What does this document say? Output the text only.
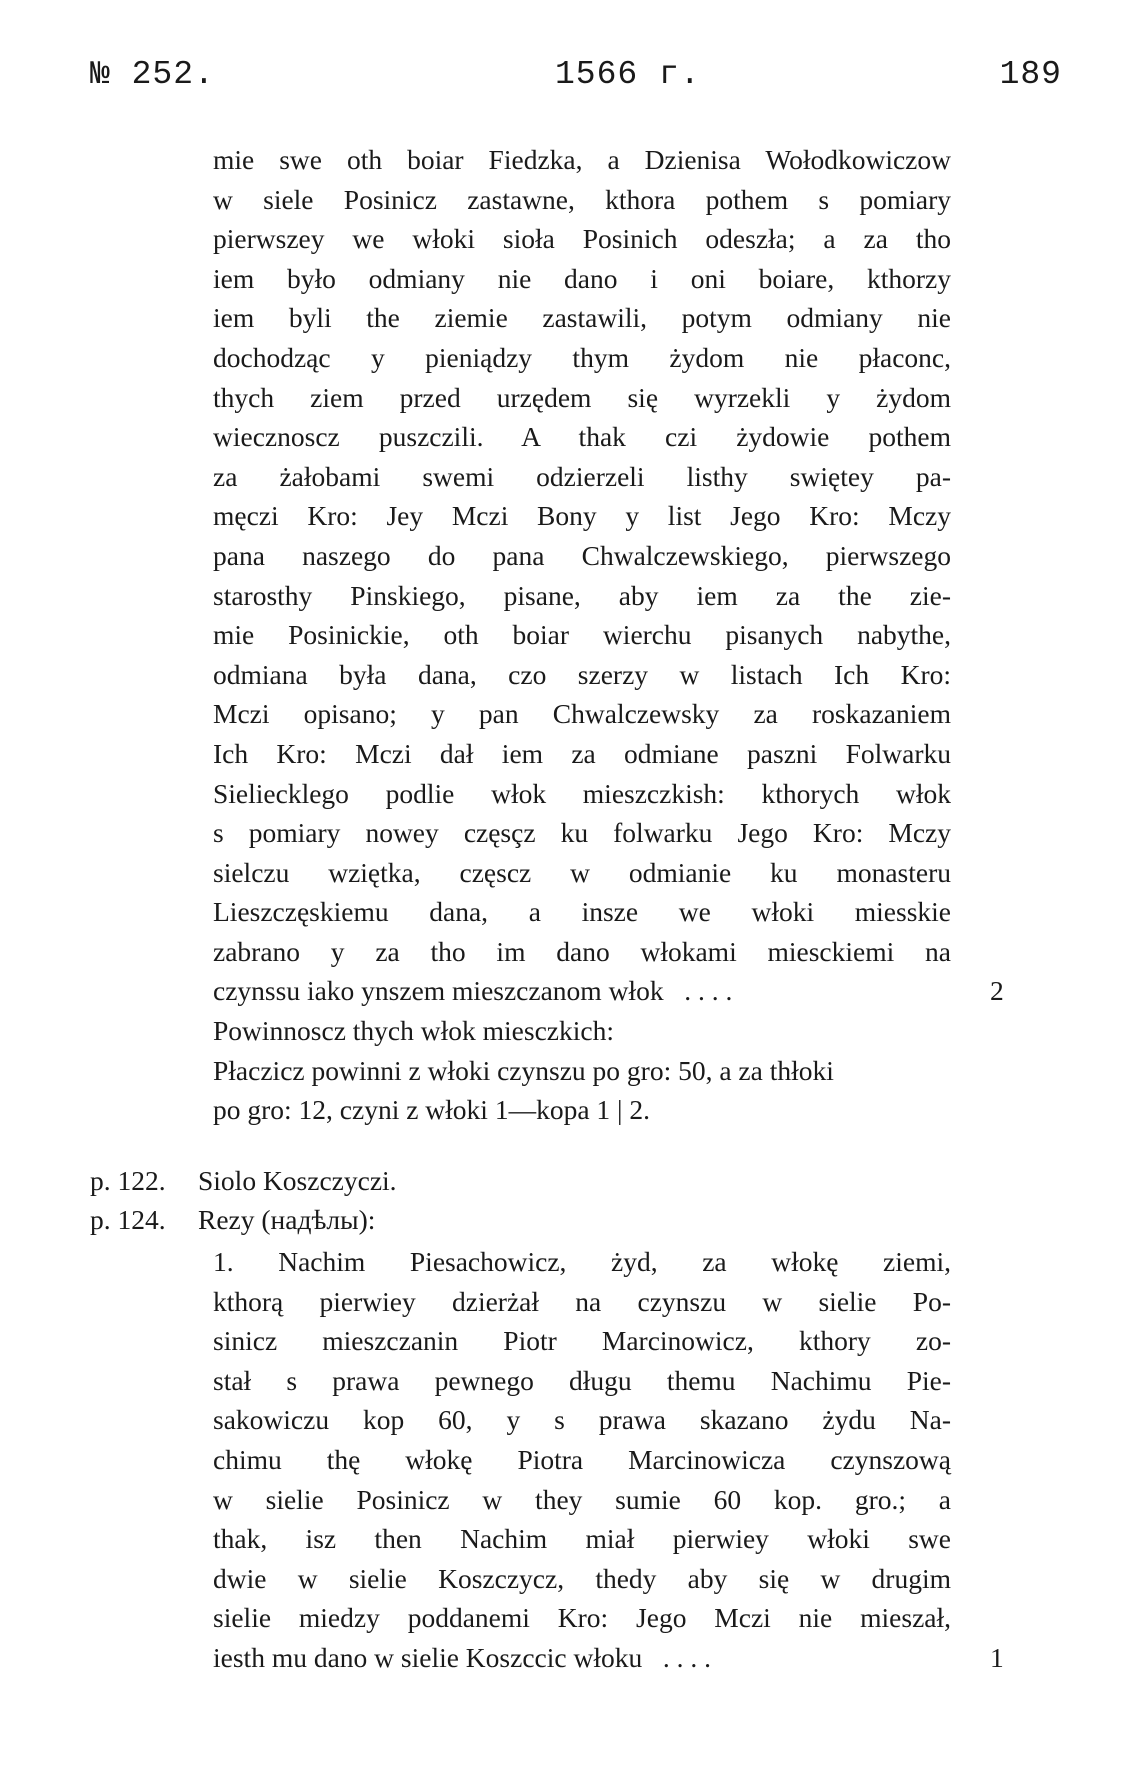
№ 252.	1566 г.	189
mie swe oth boiar Fiedzka, a Dzienisa Wołodkowiczow
w siele Posinicz zastawne, kthora pothem s pomiary
pierwszey we włoki sioła Posinich odeszła; a za tho
iem było odmiany nie dano i oni boiare, kthorzy
iem byli the ziemie zastawili, potym odmiany nie
dochodząc y pieniądzy thym żydom nie płaconc,
thych ziem przed urzędem się wyrzekli y żydom
wiecznoscz puszczili. A thak czi żydowie pothem
za żałobami swemi odzierzeli listhy swiętey pa-
męczi Kro: Jey Mczi Bony y list Jego Kro: Mczy
pana naszego do pana Chwalczewskiego, pierwszego
starosthy Pinskiego, pisane, aby iem za the zie-
mie Posinickie, oth boiar wierchu pisanych nabythe,
odmiana była dana, czo szerzy w listach Ich Kro:
Mczi opisano; y pan Chwalczewsky za roskazaniem
Ich Kro: Mczi dał iem za odmiane paszni Folwarku
Sieliecklego podlie włok mieszczkish: kthorych włok
s pomiary nowey częsçz ku folwarku Jego Kro: Mczy
sielczu wziętka, częscz w odmianie ku monasteru
Lieszczęskiemu dana, a insze we włoki miesskie
zabrano y za tho im dano włokami miesckiemi na
czynssu iako ynszem mieszczanom włok . . . .	2
Powinnoscz thych włok miesczkich:
Płaczicz powinni z włoki czynszu po gro: 50, a za thłoki
po gro: 12, czyni z włoki 1—kopa 1 | 2.
p. 122. Siolo Koszczyczi.
p. 124. Rezy (надѣлы):
1. Nachim Piesachowicz, żyd, za włokę ziemi,
kthorą pierwiey dzierżał na czynszu w sielie Po-
sinicz mieszczanin Piotr Marcinowicz, kthory zo-
stał s prawa pewnego długu themu Nachimu Pie-
sakowiczu kop 60, y s prawa skazano żydu Na-
chimu thę włokę Piotra Marcinowicza czynszową
w sielie Posinicz w they sumie 60 kop. gro.; a
thak, isz then Nachim miał pierwiey włoki swe
dwie w sielie Koszczycz, thedy aby się w drugim
sielie miedzy poddanemi Kro: Jego Mczi nie mieszał,
iesth mu dano w sielie Koszccic włoku . . . .	1
